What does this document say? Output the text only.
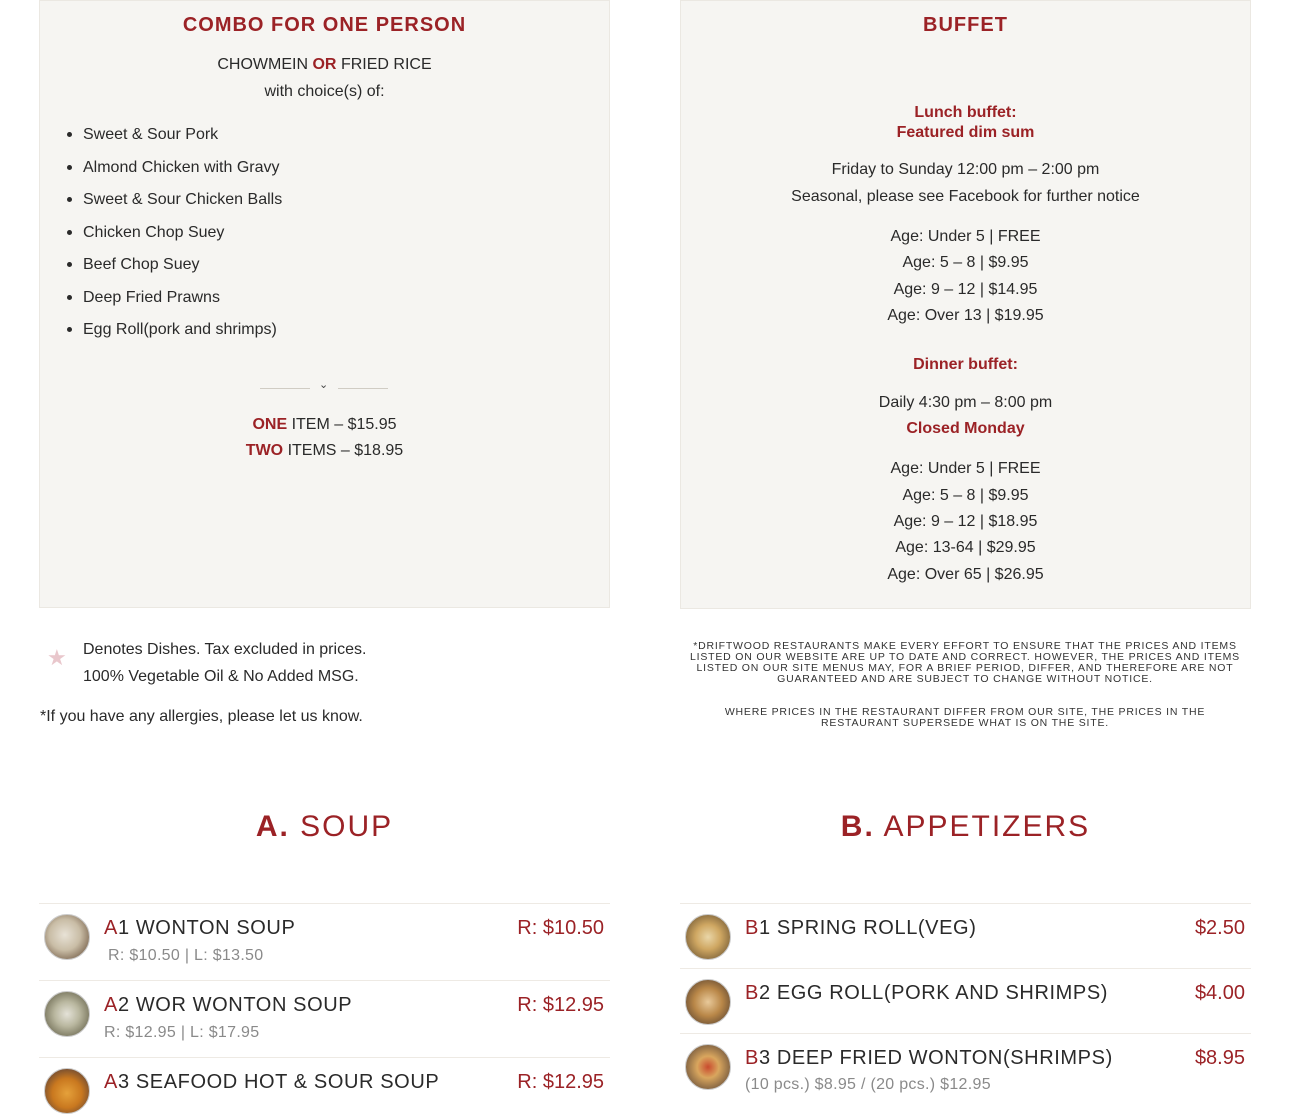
COMBO FOR ONE PERSON
CHOWMEIN OR FRIED RICE
with choice(s) of:
Sweet & Sour Pork
Almond Chicken with Gravy
Sweet & Sour Chicken Balls
Chicken Chop Suey
Beef Chop Suey
Deep Fried Prawns
Egg Roll(pork and shrimps)
⌄
ONE ITEM – $15.95
TWO ITEMS – $18.95
BUFFET
Lunch buffet:
Featured dim sum
Friday to Sunday 12:00 pm – 2:00 pm
Seasonal, please see Facebook for further notice
Age: Under 5 | FREE
Age: 5 – 8 | $9.95
Age: 9 – 12 | $14.95
Age: Over 13 | $19.95
Dinner buffet:
Daily 4:30 pm – 8:00 pm
Closed Monday
Age: Under 5 | FREE
Age: 5 – 8 | $9.95
Age: 9 – 12 | $18.95
Age: 13-64 | $29.95
Age: Over 65 | $26.95
★ Denotes Dishes. Tax excluded in prices.
100% Vegetable Oil & No Added MSG.
*If you have any allergies, please let us know.
*DRIFTWOOD RESTAURANTS MAKE EVERY EFFORT TO ENSURE THAT THE PRICES AND ITEMS LISTED ON OUR WEBSITE ARE UP TO DATE AND CORRECT. HOWEVER, THE PRICES AND ITEMS LISTED ON OUR SITE MENUS MAY, FOR A BRIEF PERIOD, DIFFER, AND THEREFORE ARE NOT GUARANTEED AND ARE SUBJECT TO CHANGE WITHOUT NOTICE.
WHERE PRICES IN THE RESTAURANT DIFFER FROM OUR SITE, THE PRICES IN THE RESTAURANT SUPERSEDE WHAT IS ON THE SITE.
A. SOUP	B. APPETIZERS
A1 WONTON SOUP	R: $10.50
R: $10.50 | L: $13.50
A2 WOR WONTON SOUP	R: $12.95
R: $12.95 | L: $17.95
A3 SEAFOOD HOT & SOUR SOUP	R: $12.95
B1 SPRING ROLL(VEG)	$2.50
B2 EGG ROLL(PORK AND SHRIMPS)	$4.00
B3 DEEP FRIED WONTON(SHRIMPS)	$8.95
(10 pcs.) $8.95 / (20 pcs.) $12.95
